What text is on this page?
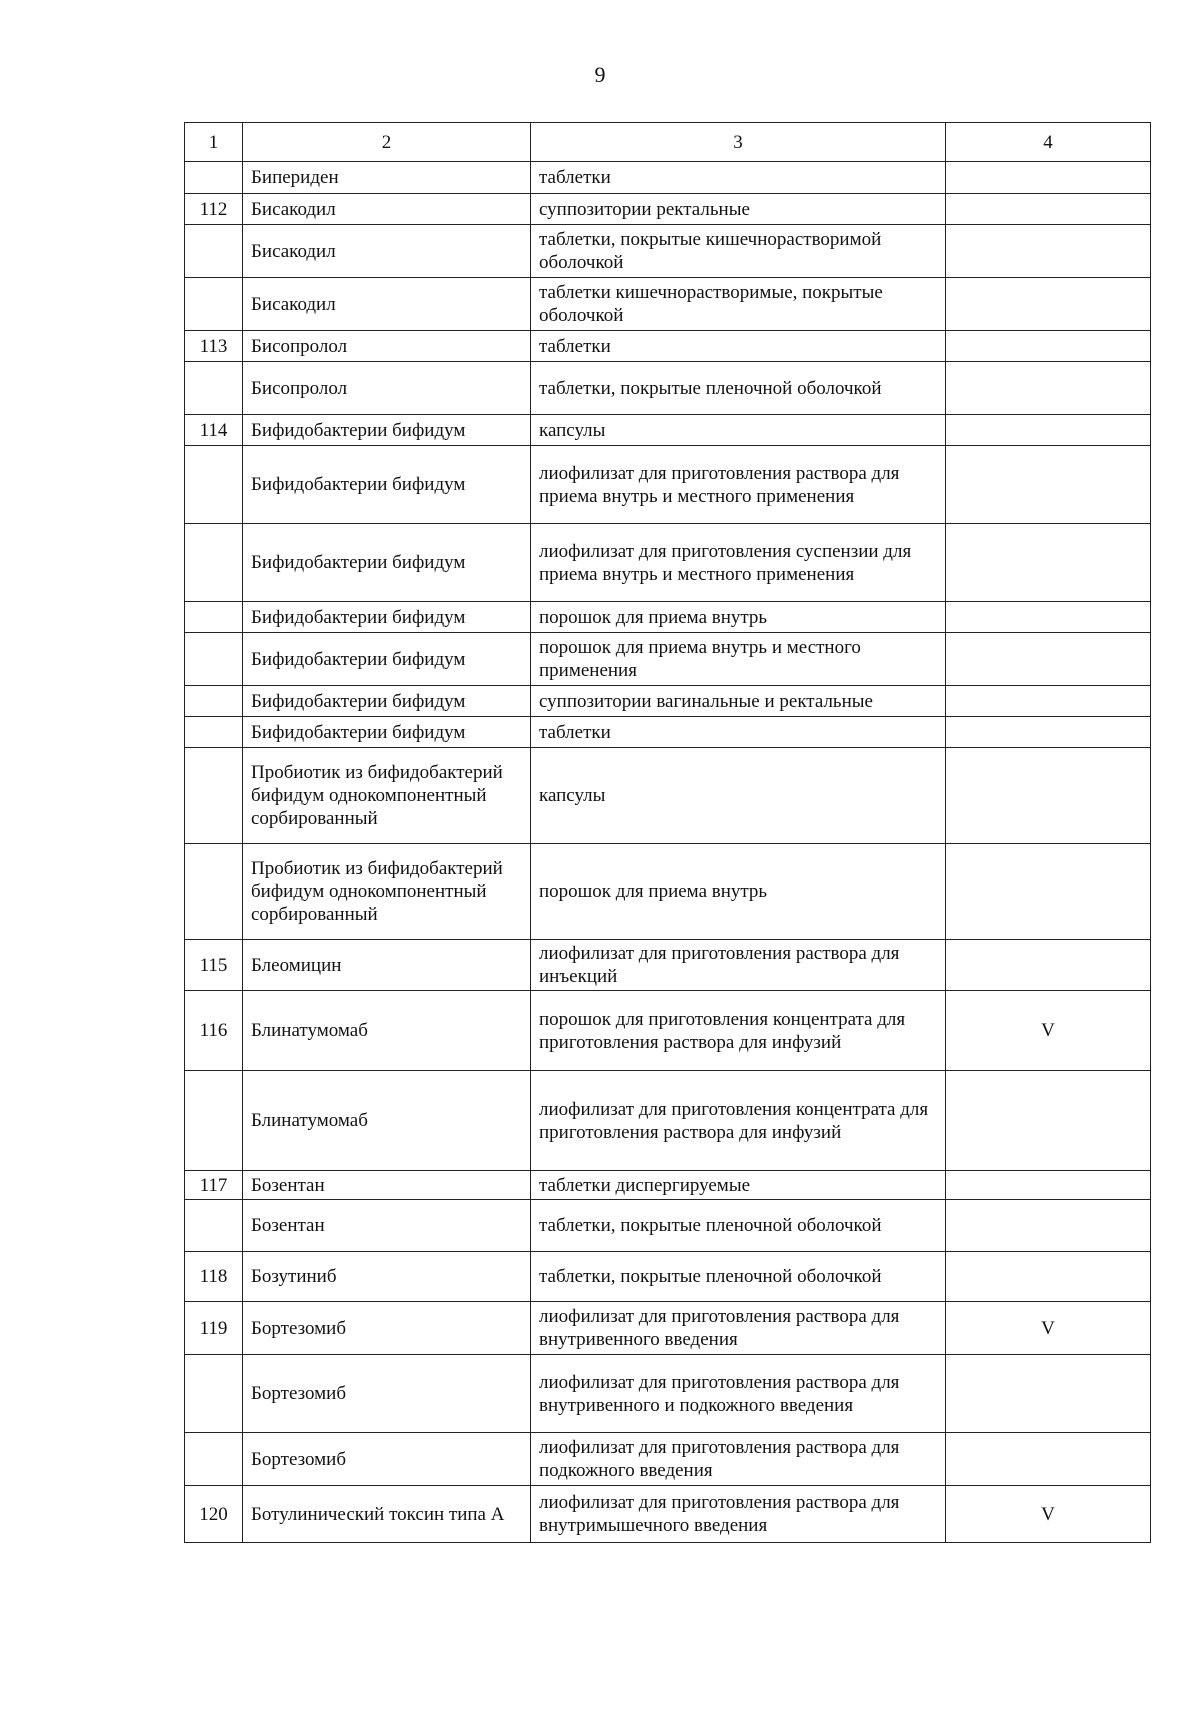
9
1	2	3	4
	Бипериден	таблетки	
112	Бисакодил	суппозитории ректальные	
	Бисакодил	таблетки, покрытые кишечнорастворимой оболочкой	
	Бисакодил	таблетки кишечнорастворимые, покрытые оболочкой	
113	Бисопролол	таблетки	
	Бисопролол	таблетки, покрытые пленочной оболочкой	
114	Бифидобактерии бифидум	капсулы	
	Бифидобактерии бифидум	лиофилизат для приготовления раствора для приема внутрь и местного применения	
	Бифидобактерии бифидум	лиофилизат для приготовления суспензии для приема внутрь и местного применения	
	Бифидобактерии бифидум	порошок для приема внутрь	
	Бифидобактерии бифидум	порошок для приема внутрь и местного применения	
	Бифидобактерии бифидум	суппозитории вагинальные и ректальные	
	Бифидобактерии бифидум	таблетки	
	Пробиотик из бифидобактерий бифидум однокомпонентный сорбированный	капсулы	
	Пробиотик из бифидобактерий бифидум однокомпонентный сорбированный	порошок для приема внутрь	
115	Блеомицин	лиофилизат для приготовления раствора для инъекций	
116	Блинатумомаб	порошок для приготовления концентрата для приготовления раствора для инфузий	V
	Блинатумомаб	лиофилизат для приготовления концентрата для приготовления раствора для инфузий	
117	Бозентан	таблетки диспергируемые	
	Бозентан	таблетки, покрытые пленочной оболочкой	
118	Бозутиниб	таблетки, покрытые пленочной оболочкой	
119	Бортезомиб	лиофилизат для приготовления раствора для внутривенного введения	V
	Бортезомиб	лиофилизат для приготовления раствора для внутривенного и подкожного введения	
	Бортезомиб	лиофилизат для приготовления раствора для подкожного введения	
120	Ботулинический токсин типа А	лиофилизат для приготовления раствора для внутримышечного введения	V
